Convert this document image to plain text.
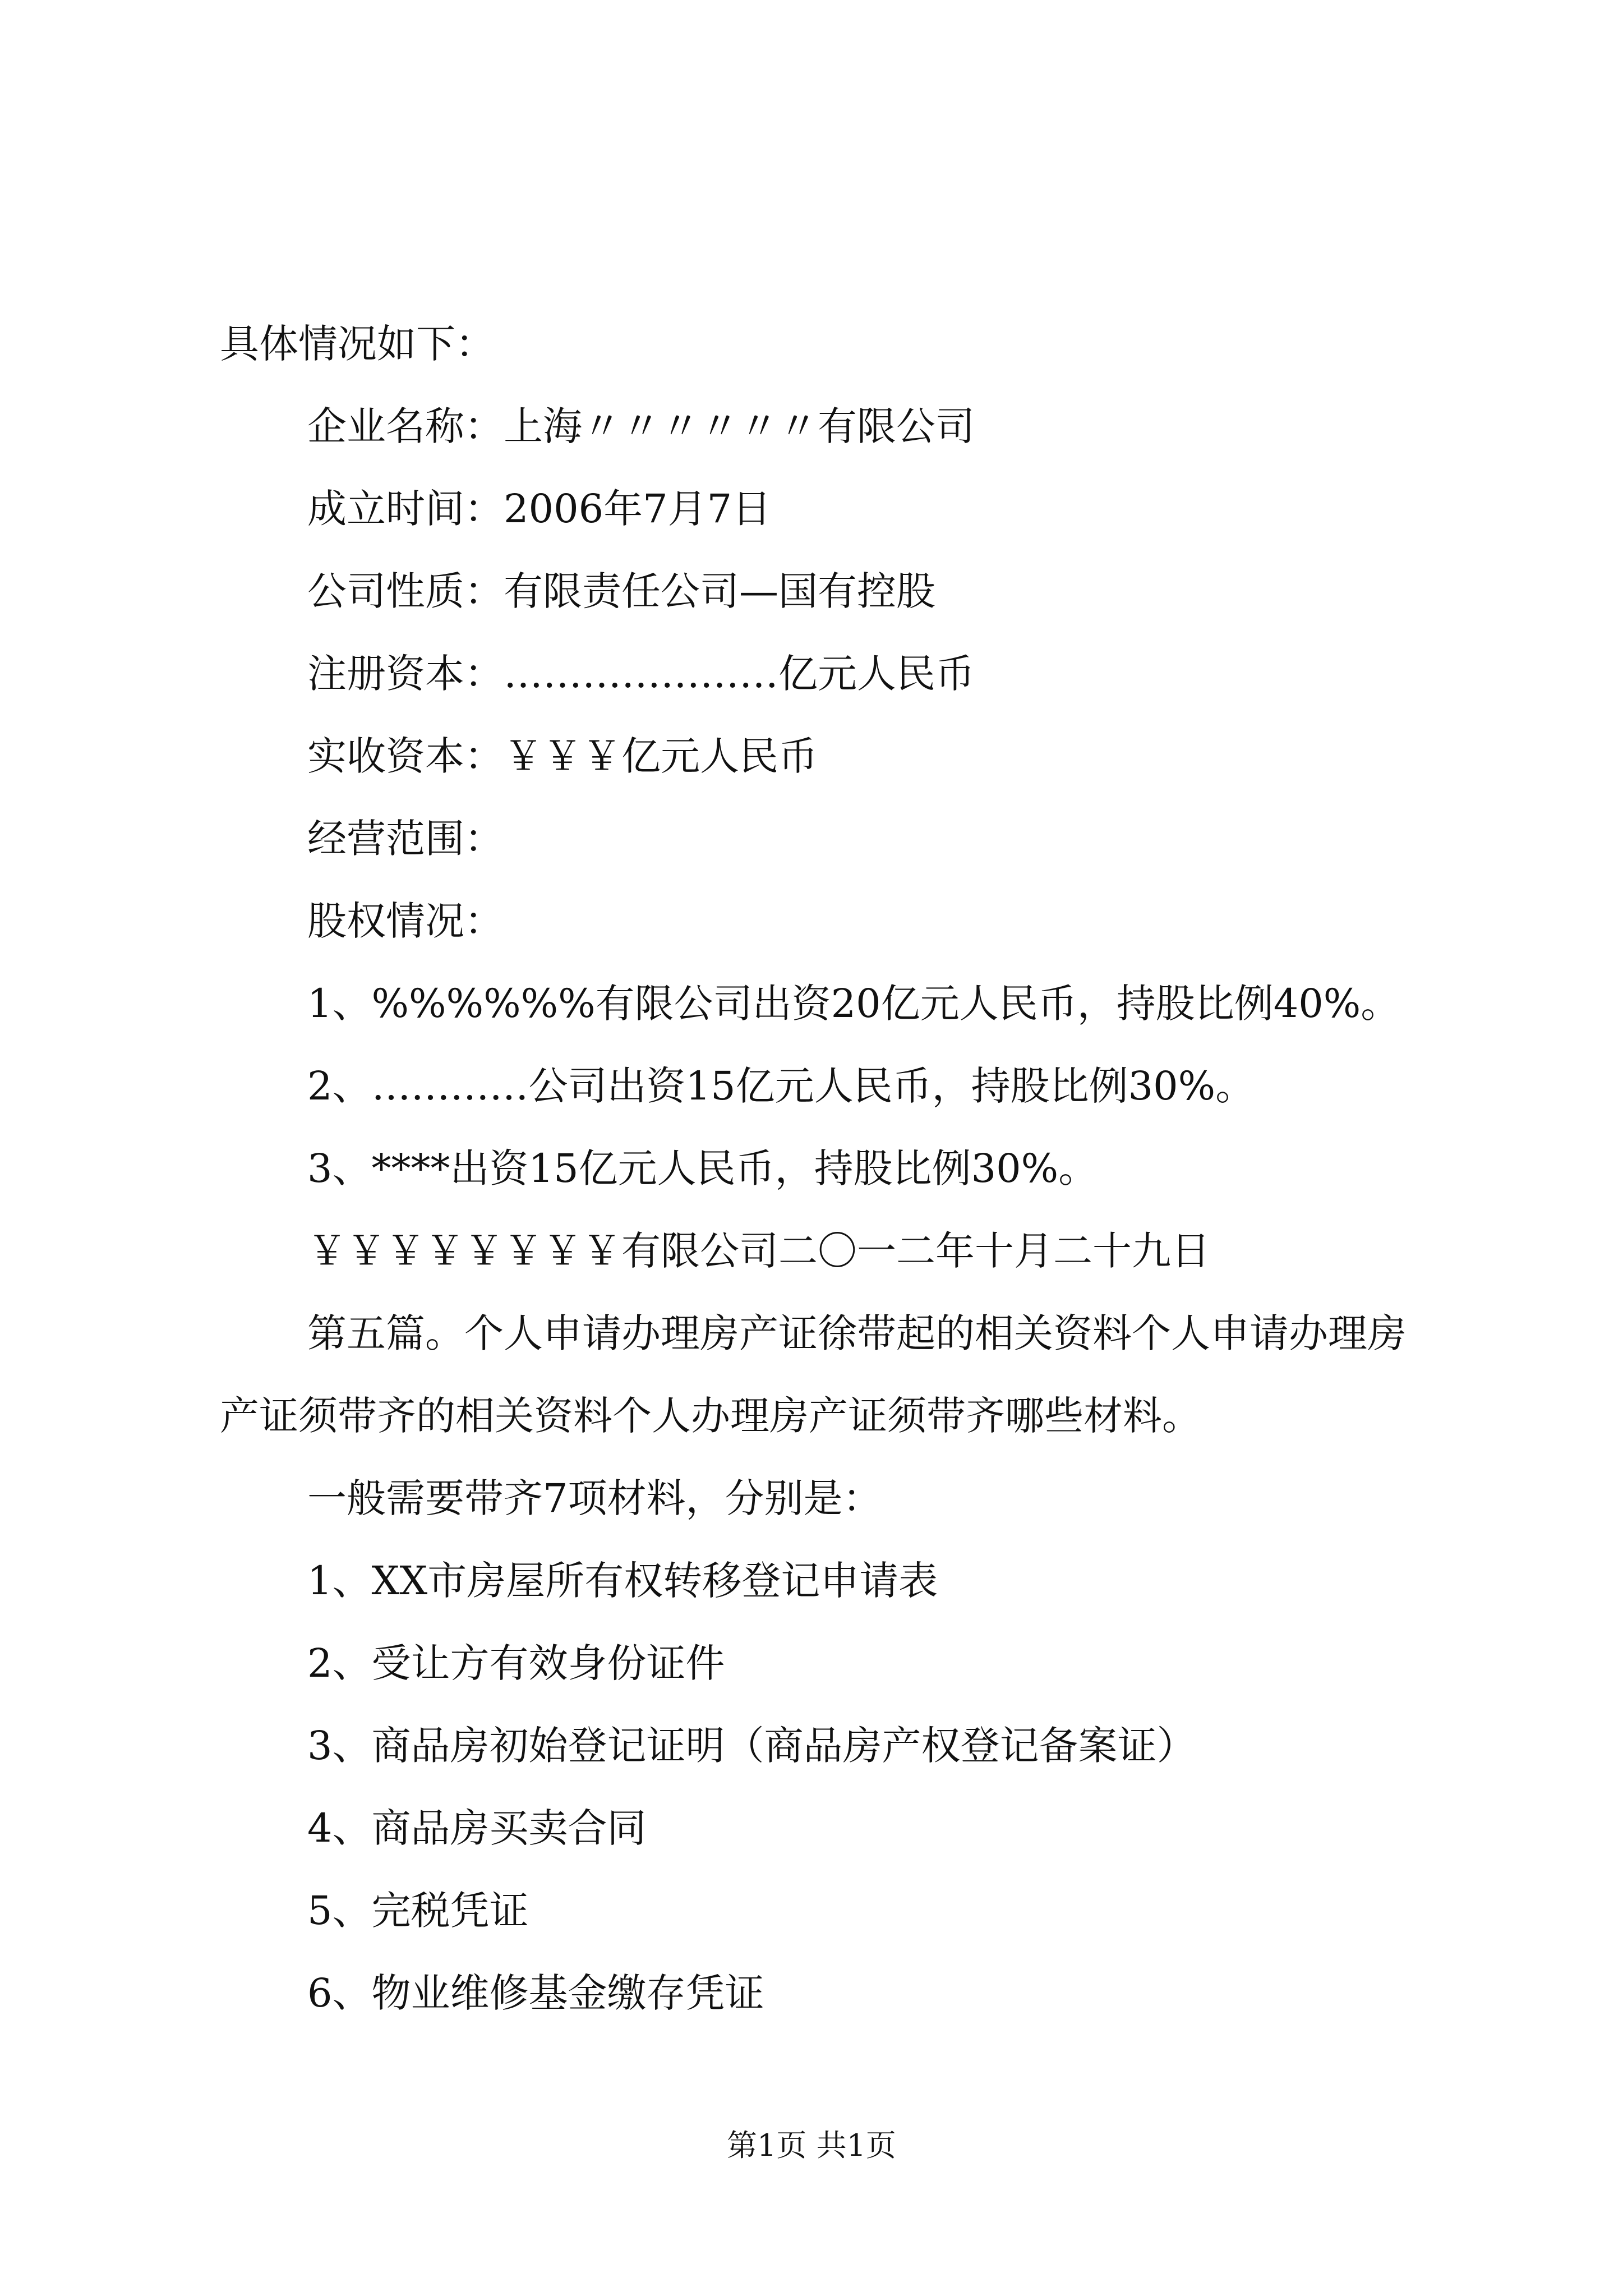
具体情况如下：
企业名称：上海〃〃〃〃〃〃有限公司
成立时间：2006年7月7日
公司性质：有限责任公司—国有控股
注册资本：…………………亿元人民币
实收资本：￥￥￥亿元人民币
经营范围：
股权情况：
1、%%%%%%有限公司出资20亿元人民币，持股比例40%。
2、…………公司出资15亿元人民币，持股比例30%。
3、****出资15亿元人民币，持股比例30%。
￥￥￥￥￥￥￥￥有限公司二〇一二年十月二十九日
第五篇。个人申请办理房产证徐带起的相关资料个人申请办理房产证须带齐的相关资料个人办理房产证须带齐哪些材料。
一般需要带齐7项材料，分别是：
1、XX市房屋所有权转移登记申请表
2、受让方有效身份证件
3、商品房初始登记证明（商品房产权登记备案证）
4、商品房买卖合同
5、完税凭证
6、物业维修基金缴存凭证
第1页 共1页
